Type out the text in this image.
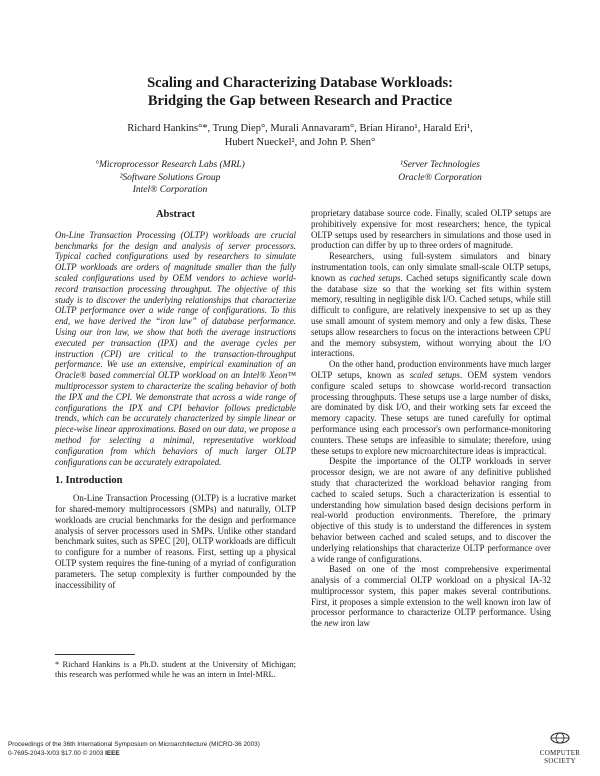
Scaling and Characterizing Database Workloads:
Bridging the Gap between Research and Practice
Richard Hankins°*, Trung Diep°, Murali Annavaram°, Brian Hirano¹, Harald Eri¹,
Hubert Nueckel², and John P. Shen°
°Microprocessor Research Labs (MRL)
²Software Solutions Group
Intel® Corporation
¹Server Technologies
Oracle® Corporation
Abstract

On-Line Transaction Processing (OLTP) workloads are crucial benchmarks for the design and analysis of server processors. Typical cached configurations used by researchers to simulate OLTP workloads are orders of magnitude smaller than the fully scaled configurations used by OEM vendors to achieve world-record transaction processing throughput. The objective of this study is to discover the underlying relationships that characterize OLTP performance over a wide range of configurations. To this end, we have derived the “iron law” of database performance. Using our iron law, we show that both the average instructions executed per transaction (IPX) and the average cycles per instruction (CPI) are critical to the transaction-throughput performance. We use an extensive, empirical examination of an Oracle® based commercial OLTP workload on an Intel® Xeon™ multiprocessor system to characterize the scaling behavior of both the IPX and the CPI. We demonstrate that across a wide range of configurations the IPX and CPI behavior follows predictable trends, which can be accurately characterized by simple linear or piece-wise linear approximations. Based on our data, we propose a method for selecting a minimal, representative workload configuration from which behaviors of much larger OLTP configurations can be accurately extrapolated.

1. Introduction

On-Line Transaction Processing (OLTP) is a lucrative market for shared-memory multiprocessors (SMPs) and naturally, OLTP workloads are crucial benchmarks for the design and performance analysis of server processors used in SMPs. Unlike other standard benchmark suites, such as SPEC [20], OLTP workloads are difficult to configure for a number of reasons. First, setting up a physical OLTP system requires the fine-tuning of a myriad of configuration parameters. The setup complexity is further compounded by the inaccessibility of

* Richard Hankins is a Ph.D. student at the University of Michigan; this research was performed while he was an intern in Intel-MRL.

proprietary database source code. Finally, scaled OLTP setups are prohibitively expensive for most researchers; hence, the typical OLTP setups used by researchers in simulations and those used in production can differ by up to three orders of magnitude.

Researchers, using full-system simulators and binary instrumentation tools, can only simulate small-scale OLTP setups, known as cached setups. Cached setups significantly scale down the database size so that the working set fits within system memory, resulting in negligible disk I/O. Cached setups, while still difficult to configure, are relatively inexpensive to set up as they use small amount of system memory and only a few disks. These setups allow researchers to focus on the interactions between CPU and the memory subsystem, without worrying about the I/O interactions.

On the other hand, production environments have much larger OLTP setups, known as scaled setups. OEM system vendors configure scaled setups to showcase world-record transaction processing throughputs. These setups use a large number of disks, are dominated by disk I/O, and their working sets far exceed the memory capacity. These setups are tuned carefully for optimal performance using each processor's own performance-monitoring counters. These setups are infeasible to simulate; therefore, using these setups to explore new microarchitecture ideas is impractical.

Despite the importance of the OLTP workloads in server processor design, we are not aware of any definitive published study that characterized the workload behavior ranging from cached to scaled setups. Such a characterization is essential to understanding how simulation based design decisions perform in real-world production environments. Therefore, the primary objective of this study is to understand the differences in system behavior between cached and scaled setups, and to discover the underlying relationships that characterize OLTP performance over a wide range of configurations.

Based on one of the most comprehensive experimental analysis of a commercial OLTP workload on a physical IA-32 multiprocessor system, this paper makes several contributions. First, it proposes a simple extension to the well known iron law of processor performance to characterize OLTP performance. Using the new iron law

Proceedings of the 36th International Symposium on Microarchitecture (MICRO-36 2003)
0-7695-2043-X/03 $17.00 © 2003 IEEE	COMPUTER
SOCIETY
